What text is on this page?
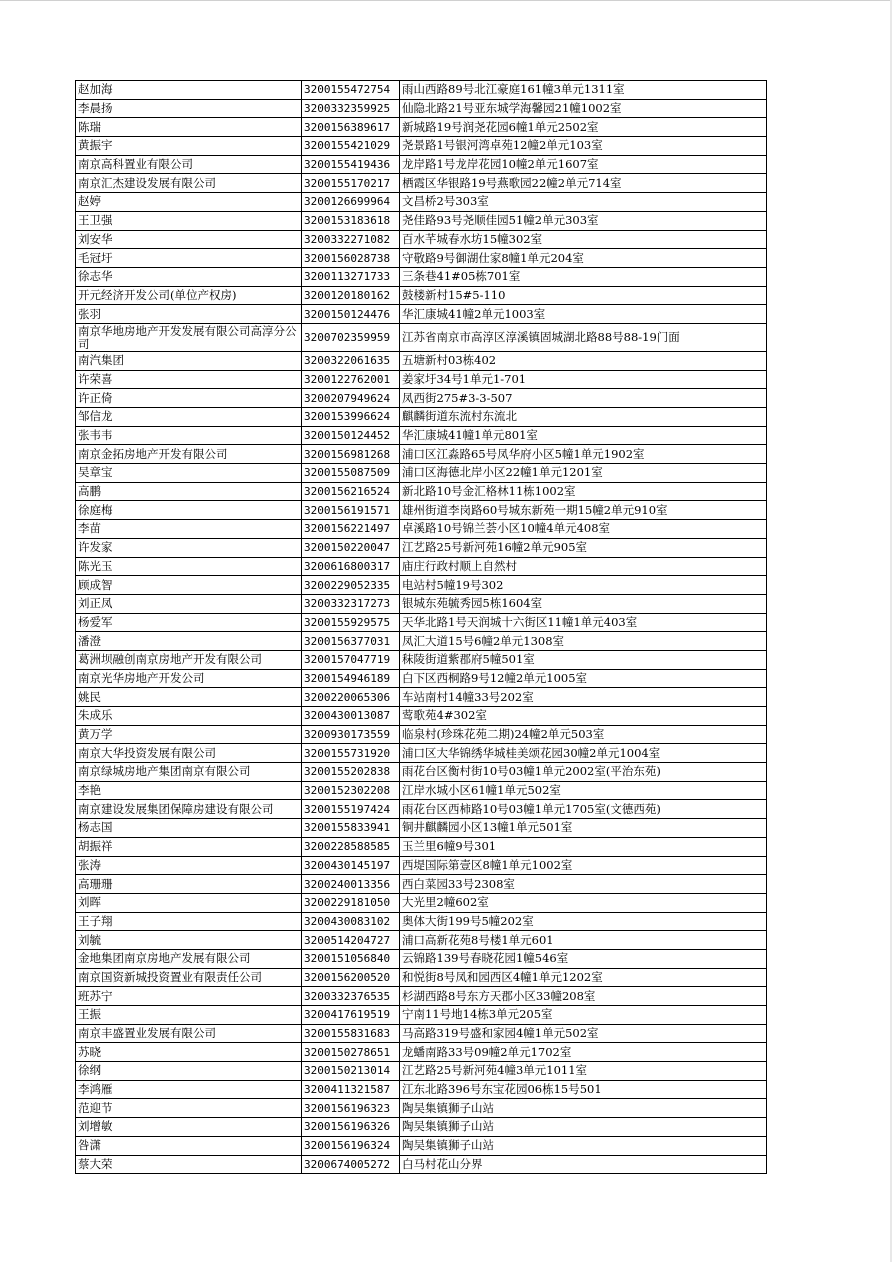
赵加海	3200155472754	雨山西路89号北江豪庭161幢3单元1311室
李晨扬	3200332359925	仙隐北路21号亚东城学海馨园21幢1002室
陈瑞	3200156389617	新城路19号润尧花园6幢1单元2502室
黄振宇	3200155421029	尧景路1号银河湾卓苑12幢2单元103室
南京高科置业有限公司	3200155419436	龙岸路1号龙岸花园10幢2单元1607室
南京汇杰建设发展有限公司	3200155170217	栖霞区华银路19号燕歌园22幢2单元714室
赵婷	3200126699964	文昌桥2号303室
王卫强	3200153183618	尧佳路93号尧顺佳园51幢2单元303室
刘安华	3200332271082	百水芊城春水坊15幢302室
毛冠圩	3200156028738	守敬路9号御湖仕家8幢1单元204室
徐志华	3200113271733	三条巷41#05栋701室
开元经济开发公司(单位产权房)	3200120180162	鼓楼新村15#5-110
张羽	3200150124476	华汇康城41幢2单元1003室
南京华地房地产开发发展有限公司高淳分公司	3200702359959	江苏省南京市高淳区淳溪镇固城湖北路88号88-19门面
南汽集团	3200322061635	五塘新村03栋402
许荣喜	3200122762001	姜家圩34号1单元1-701
许正倚	3200207949624	凤西街275#3-3-507
邹信龙	3200153996624	麒麟街道东流村东流北
张韦韦	3200150124452	华汇康城41幢1单元801室
南京金拓房地产开发有限公司	3200156981268	浦口区江淼路65号凤华府小区5幢1单元1902室
吴章宝	3200155087509	浦口区海德北岸小区22幢1单元1201室
高鹏	3200156216524	新北路10号金汇格林11栋1002室
徐庭梅	3200156191571	雄州街道李岗路60号城东新苑一期15幢2单元910室
李苗	3200156221497	卓溪路10号锦兰荟小区10幢4单元408室
许发家	3200150220047	江艺路25号新河苑16幢2单元905室
陈光玉	3200616800317	庙庄行政村顺上自然村
顾成智	3200229052335	电站村5幢19号302
刘正凤	3200332317273	银城东苑毓秀园5栋1604室
杨爱军	3200155929575	天华北路1号天润城十六街区11幢1单元403室
潘澄	3200156377031	凤汇大道15号6幢2单元1308室
葛洲坝融创南京房地产开发有限公司	3200157047719	秣陵街道紫郡府5幢501室
南京光华房地产开发公司	3200154946189	白下区西桐路9号12幢2单元1005室
姚民	3200220065306	车站南村14幢33号202室
朱成乐	3200430013087	莺歌苑4#302室
黄万学	3200930173559	临泉村(珍珠花苑二期)24幢2单元503室
南京大华投资发展有限公司	3200155731920	浦口区大华锦绣华城桂美颂花园30幢2单元1004室
南京绿城房地产集团南京有限公司	3200155202838	雨花台区衡村街10号03幢1单元2002室(平治东苑)
李艳	3200152302208	江岸水城小区61幢1单元502室
南京建设发展集团保障房建设有限公司	3200155197424	雨花台区西柿路10号03幢1单元1705室(文德西苑)
杨志国	3200155833941	铜井麒麟园小区13幢1单元501室
胡振祥	3200228588585	玉兰里6幢9号301
张涛	3200430145197	西堤国际第壹区8幢1单元1002室
高珊珊	3200240013356	西白菜园33号2308室
刘晖	3200229181050	大光里2幢602室
王子翔	3200430083102	奥体大街199号5幢202室
刘毓	3200514204727	浦口高新花苑8号楼1单元601
金地集团南京房地产发展有限公司	3200151056840	云锦路139号春晓花园1幢546室
南京国资新城投资置业有限责任公司	3200156200520	和悦街8号凤和园西区4幢1单元1202室
班苏宁	3200332376535	杉湖西路8号东方天郡小区33幢208室
王振	3200417619519	宁南11号地14栋3单元205室
南京丰盛置业发展有限公司	3200155831683	马高路319号盛和家园4幢1单元502室
苏晓	3200150278651	龙蟠南路33号09幢2单元1702室
徐纲	3200150213014	江艺路25号新河苑4幢3单元1011室
李鸿雁	3200411321587	江东北路396号东宝花园06栋15号501
范迎节	3200156196323	陶吴集镇狮子山站
刘增敏	3200156196326	陶吴集镇狮子山站
咎潇	3200156196324	陶吴集镇狮子山站
蔡大荣	3200674005272	白马村花山分界
